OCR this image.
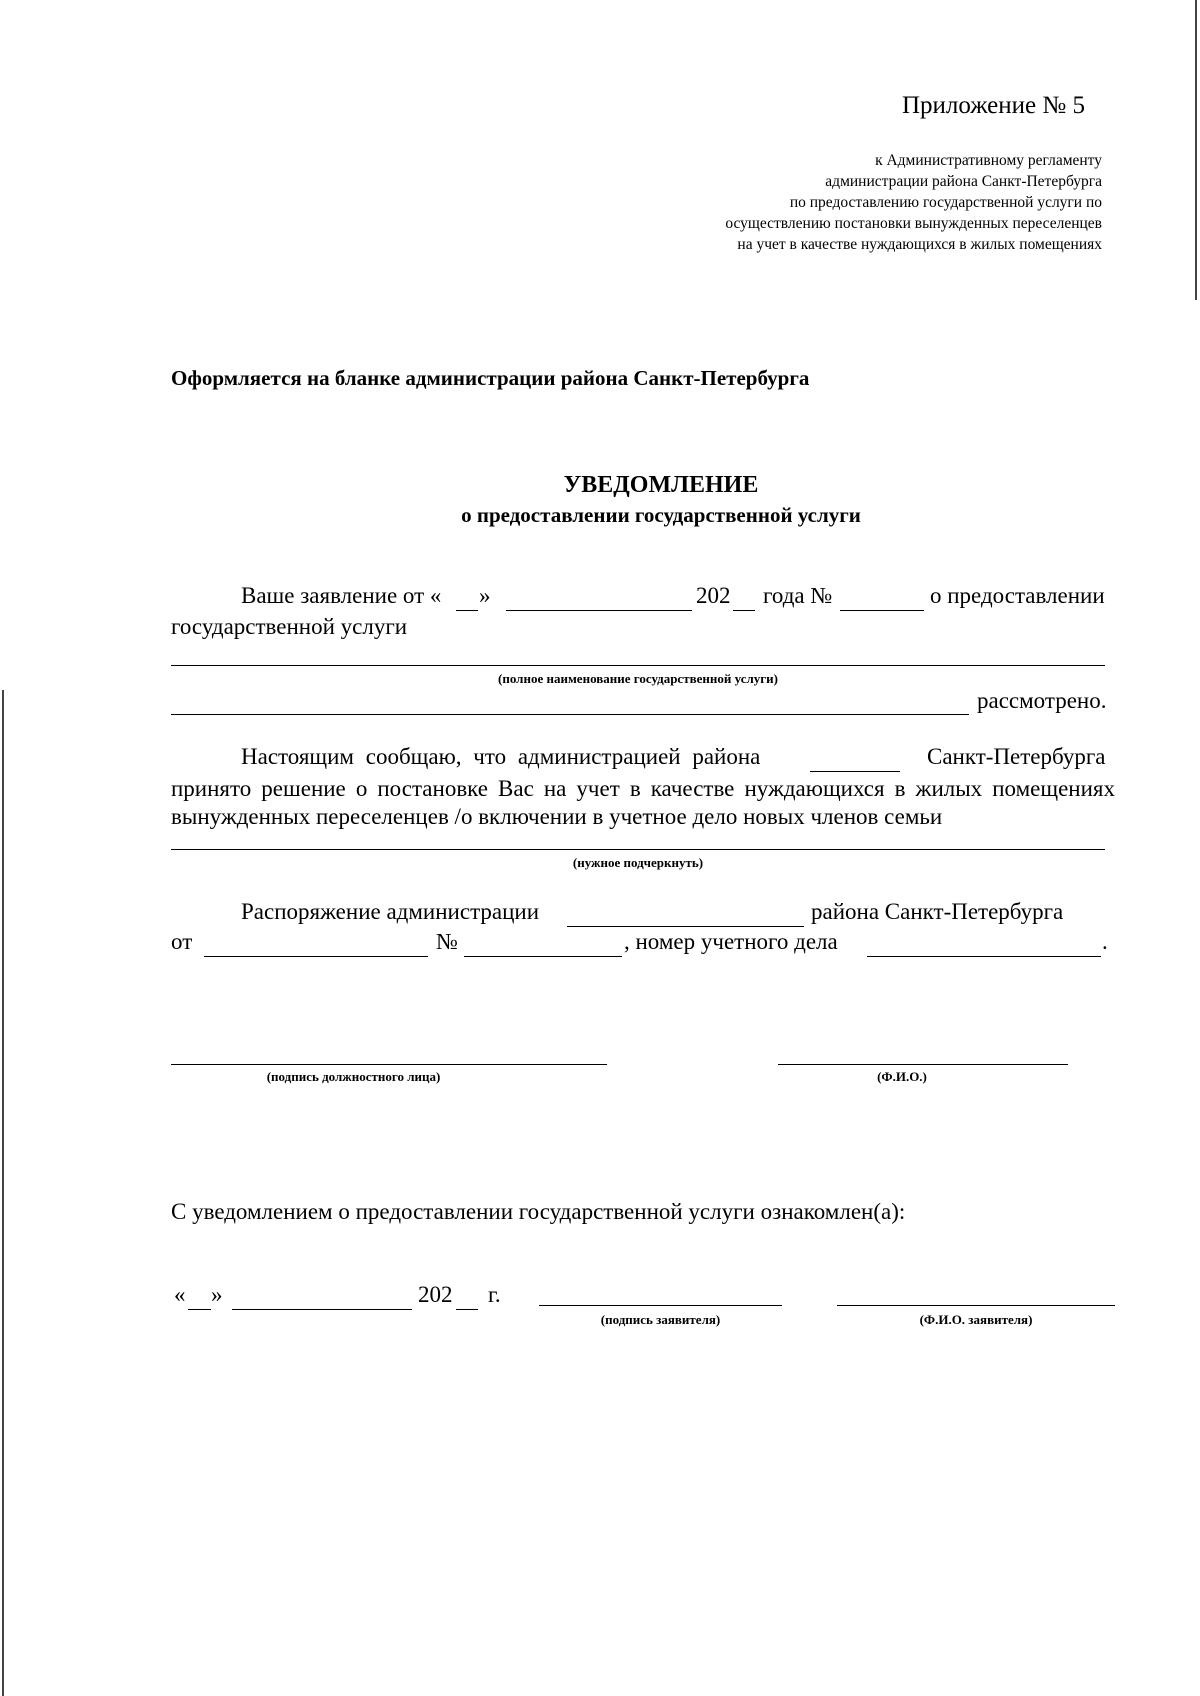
Приложение № 5
к Административному регламенту
администрации района Санкт-Петербурга
по предоставлению государственной услуги по
осуществлению постановки вынужденных переселенцев
на учет в качестве нуждающихся в жилых помещениях
Оформляется на бланке администрации района Санкт-Петербурга
УВЕДОМЛЕНИЕ
о предоставлении государственной услуги
Ваше заявление от « »	202 года №	о предоставлении
государственной услуги
(полное наименование государственной услуги)
рассмотрено.
Настоящим сообщаю, что администрацией района	Санкт-Петербурга
принято решение о постановке Вас на учет в качестве нуждающихся в жилых помещениях
вынужденных переселенцев /о включении в учетное дело новых членов семьи
(нужное подчеркнуть)
Распоряжение администрации	района Санкт-Петербурга
от	№	, номер учетного дела	.
(подпись должностного лица)	(Ф.И.О.)
С уведомлением о предоставлении государственной услуги ознакомлен(а):
« »	202 г.
(подпись заявителя)	(Ф.И.О. заявителя)
